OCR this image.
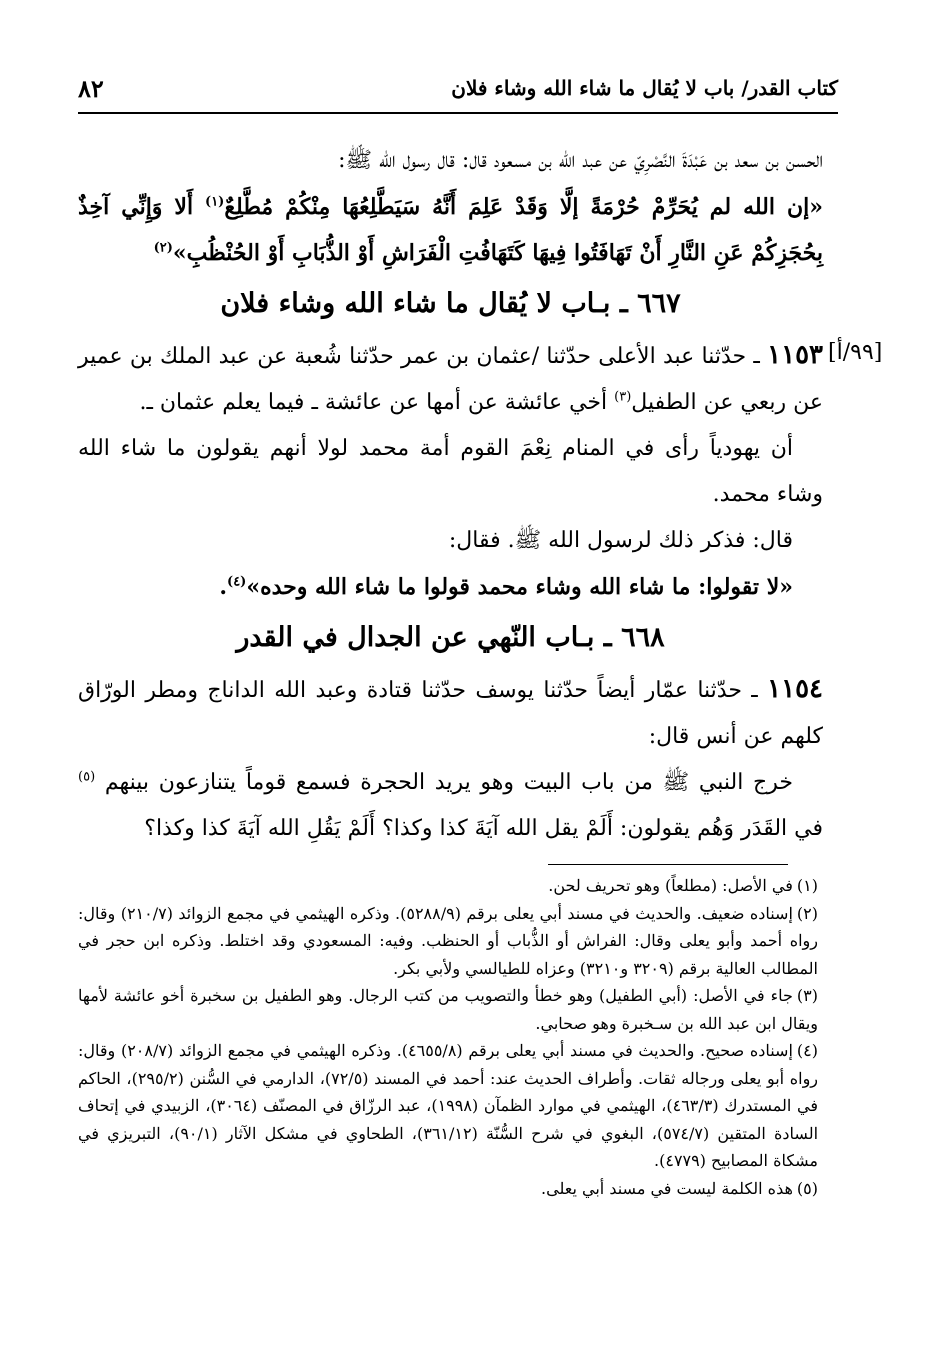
كتاب القدر/ باب لا يُقال ما شاء الله وشاء فلان
٨٢
[٩٩/أ]

الحسن بن سعد بن عَبْدَةَ النَّصْرِيّ عن عبد الله بن مسعود قال: قال رسول الله ﷺ:

«إن الله لم يُحَرِّمْ حُرْمَةً إلَّا وَقَدْ عَلِمَ أَنَّهُ سَيَطَّلِعُهَا مِنْكُمْ مُطَّلِعٌ$^{(١)}$ أَلا وَإِنِّي آخِذٌ بِحُجَزِكُمْ عَنِ النَّارِ أَنْ تَهَافَتُوا فِيهَا كَتَهَافُتِ الْفَرَاشِ أَوْ الذُّبَابِ أَوْ الحُنْظُبِ»$^{(٢)}$

٦٦٧ ـ بـاب لا يُقال ما شاء الله وشاء فلان

١١٥٣ ـ حدّثنا عبد الأعلى حدّثنا /عثمان بن عمر حدّثنا شُعبة عن عبد الملك بن عمير عن ربعي عن الطفيل$^{(٣)}$ أخي عائشة عن أمها عن عائشة ـ فيما يعلم عثمان ـ.

أن يهودياً رأى في المنام نِعْمَ القوم أمة محمد لولا أنهم يقولون ما شاء الله وشاء محمد.

قال: فذكر ذلك لرسول الله ﷺ. فقال:

«لا تقولوا: ما شاء الله وشاء محمد قولوا ما شاء الله وحده»$^{(٤)}$.

٦٦٨ ـ بـاب النّهي عن الجدال في القدر

١١٥٤ ـ حدّثنا عمّار أيضاً حدّثنا يوسف حدّثنا قتادة وعبد الله الداناج ومطر الورّاق كلهم عن أنس قال:

خرج النبي ﷺ من باب البيت وهو يريد الحجرة فسمع قوماً يتنازعون بينهم $^{(٥)}$ في القَدَر وَهُم يقولون: أَلَمْ يقل الله آيَةَ كذا وكذا؟ أَلَمْ يَقُلِ الله آيَةَ كذا وكذا؟

(١)في الأصل: (مطلعاً) وهو تحريف لحن.

(٢)إسناده ضعيف. والحديث في مسند أبي يعلى برقم (٥٢٨٨/٩). وذكره الهيثمي في مجمع الزوائد (٢١٠/٧) وقال: رواه أحمد وأبو يعلى وقال: الفراش أو الذُّباب أو الحنظب. وفيه: المسعودي وقد اختلط. وذكره ابن حجر في المطالب العالية برقم (٣٢٠٩ و٣٢١٠) وعزاه للطيالسي ولأبي بكر.

(٣)جاء في الأصل: (أبي الطفيل) وهو خطأ والتصويب من كتب الرجال. وهو الطفيل بن سخبرة أخو عائشة لأمها ويقال ابن عبد الله بن سـخبرة وهو صحابي.

(٤)إسناده صحيح. والحديث في مسند أبي يعلى برقم (٤٦٥٥/٨). وذكره الهيثمي في مجمع الزوائد (٢٠٨/٧) وقال: رواه أبو يعلى ورجاله ثقات. وأطراف الحديث عند: أحمد في المسند (٧٢/٥)، الدارمي في السُّنن (٢٩٥/٢)، الحاكم في المستدرك (٤٦٣/٣)، الهيثمي في موارد الظمآن (١٩٩٨)، عبد الرزّاق في المصنّف (٣٠٦٤)، الزبيدي في إتحاف السادة المتقين (٥٧٤/٧)، البغوي في شرح السُّنّة (٣٦١/١٢)، الطحاوي في مشكل الآثار (٩٠/١)، التبريزي في مشكاة المصابيح (٤٧٧٩).

(٥)هذه الكلمة ليست في مسند أبي يعلى.
